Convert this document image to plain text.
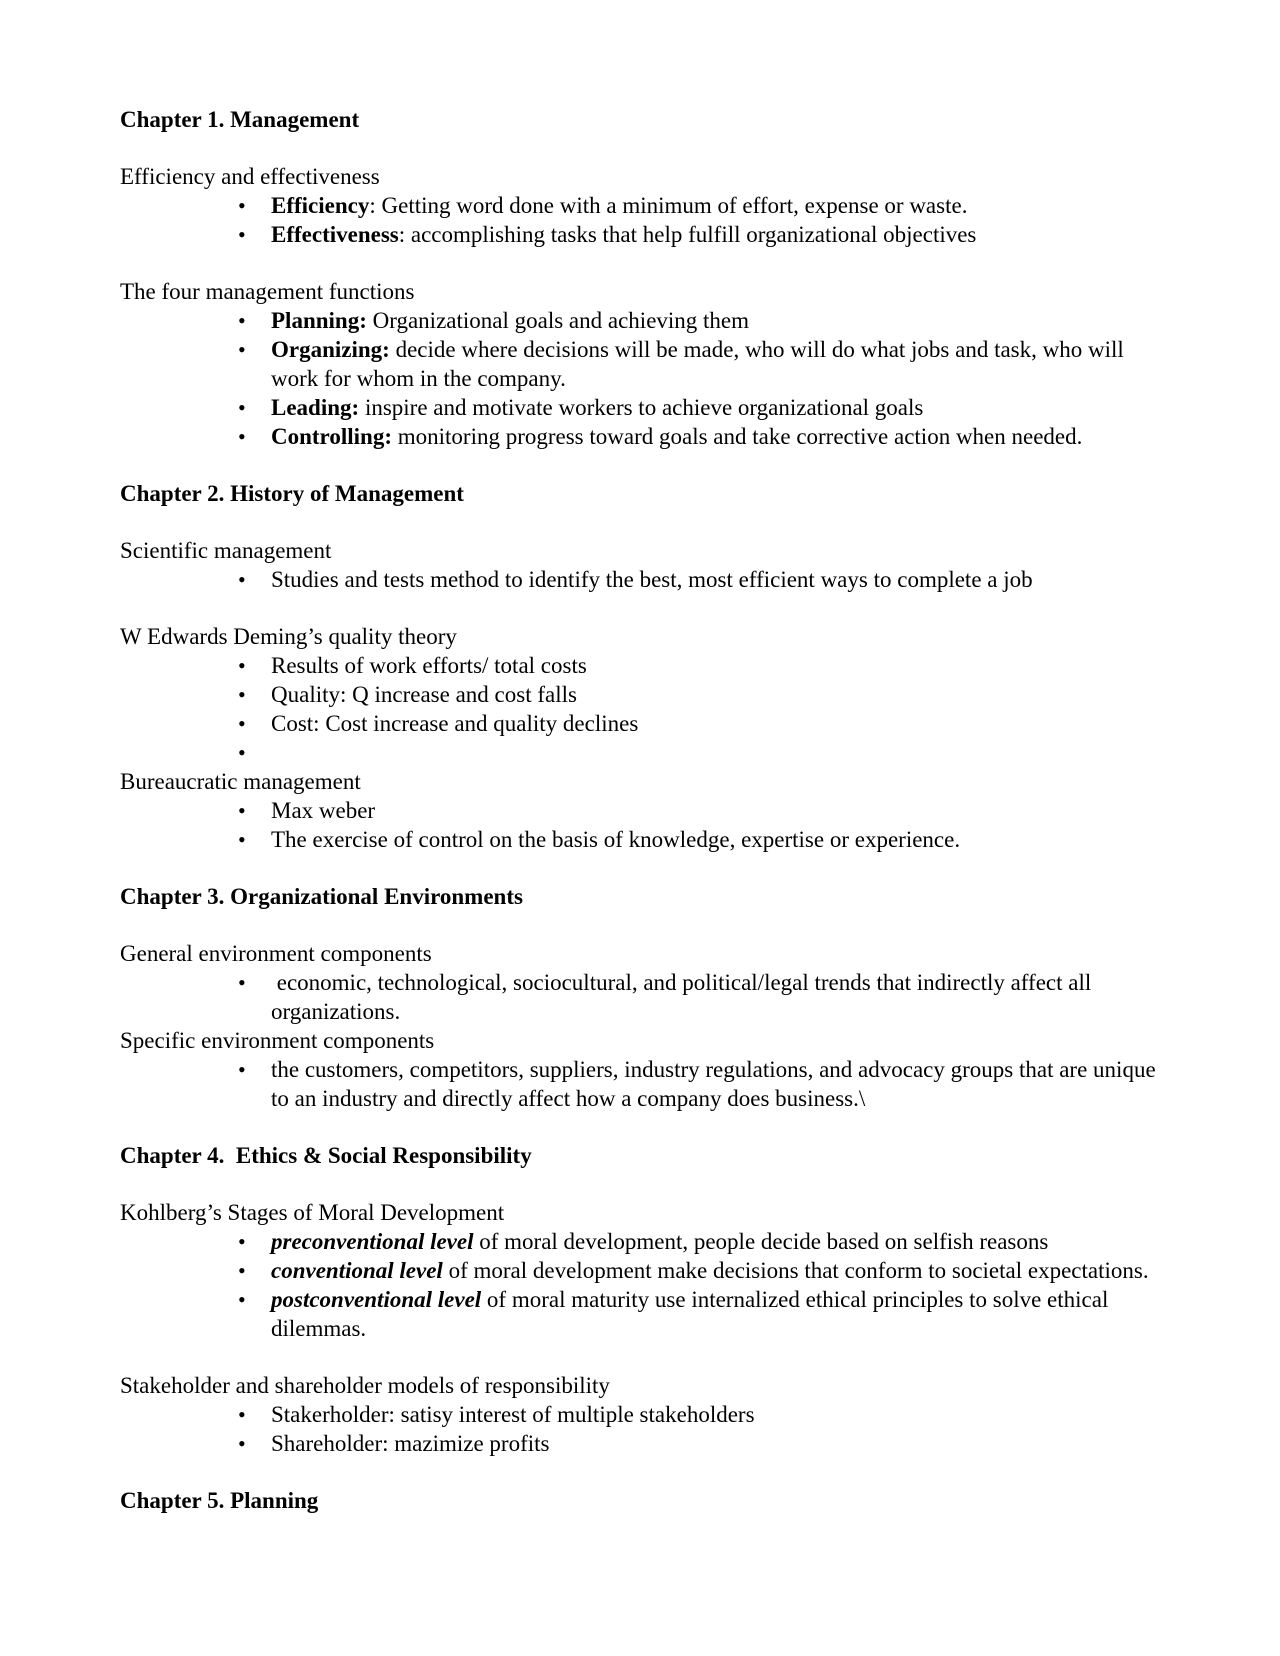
Chapter 1. Management

Efficiency and effectiveness

• Efficiency: Getting word done with a minimum of effort, expense or waste.
• Effectiveness: accomplishing tasks that help fulfill organizational objectives

The four management functions

• Planning: Organizational goals and achieving them
• Organizing: decide where decisions will be made, who will do what jobs and task, who will work for whom in the company.
• Leading: inspire and motivate workers to achieve organizational goals
• Controlling: monitoring progress toward goals and take corrective action when needed.

Chapter 2. History of Management

Scientific management

• Studies and tests method to identify the best, most efficient ways to complete a job

W Edwards Deming’s quality theory

• Results of work efforts/ total costs
• Quality: Q increase and cost falls
• Cost: Cost increase and quality declines
•

Bureaucratic management

• Max weber
• The exercise of control on the basis of knowledge, expertise or experience.

Chapter 3. Organizational Environments

General environment components

• economic, technological, sociocultural, and political/legal trends that indirectly affect all organizations.

Specific environment components

• the customers, competitors, suppliers, industry regulations, and advocacy groups that are unique to an industry and directly affect how a company does business.\

Chapter 4.  Ethics & Social Responsibility

Kohlberg’s Stages of Moral Development

• preconventional level of moral development, people decide based on selfish reasons
• conventional level of moral development make decisions that conform to societal expectations.
• postconventional level of moral maturity use internalized ethical principles to solve ethical dilemmas.

Stakeholder and shareholder models of responsibility

• Stakerholder: satisy interest of multiple stakeholders
• Shareholder: mazimize profits

Chapter 5. Planning
